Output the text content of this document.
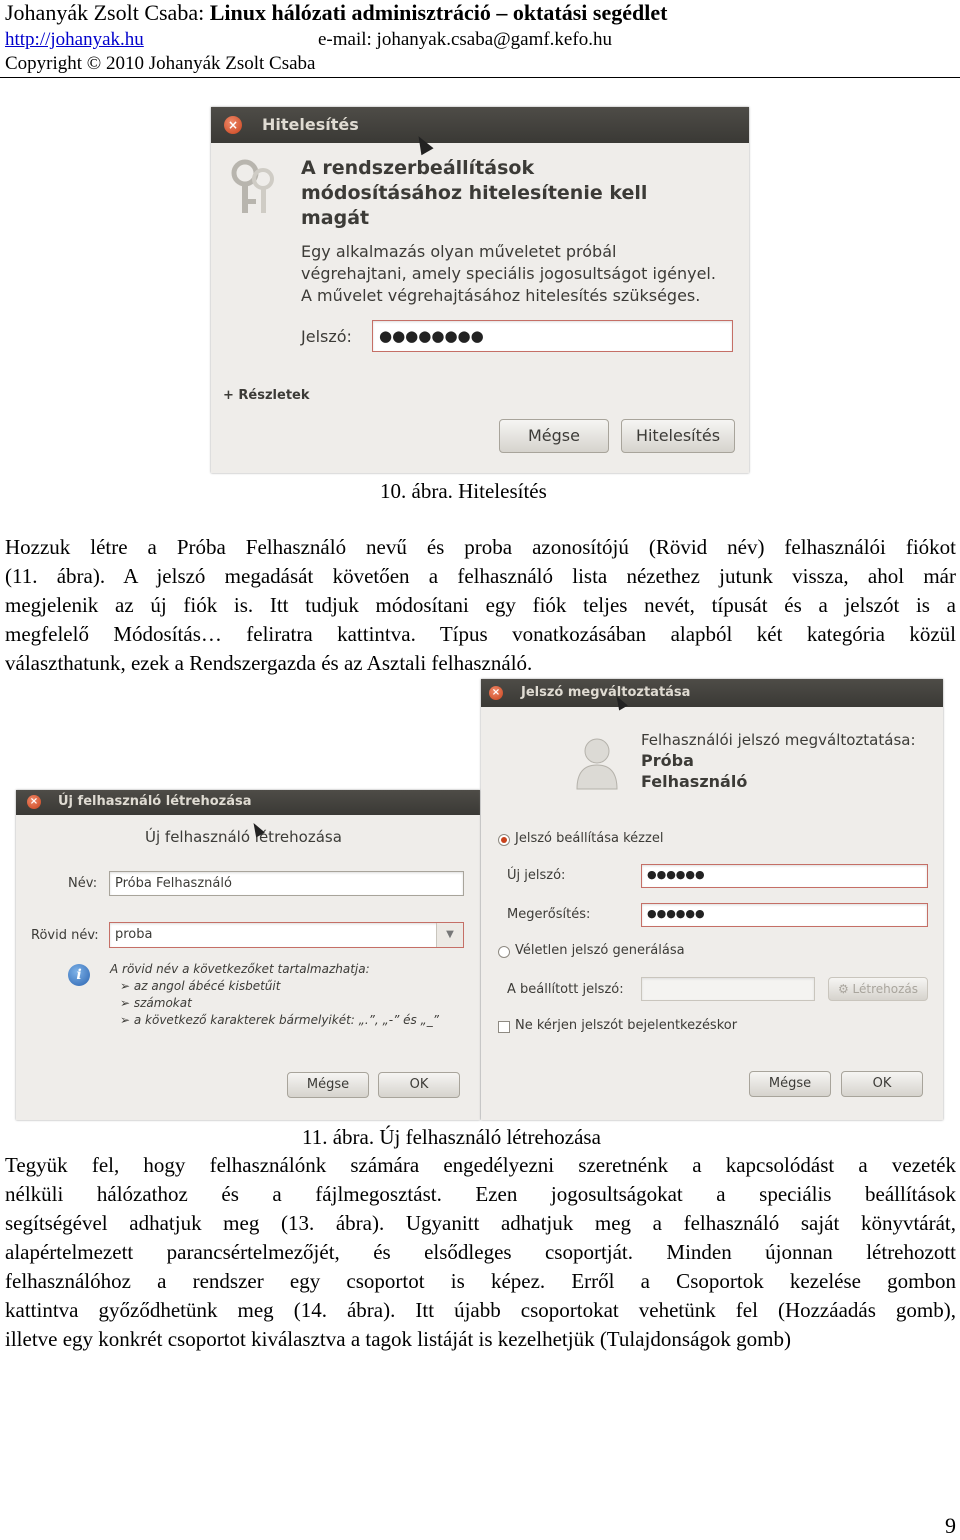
Johanyák Zsolt Csaba: Linux hálózati adminisztráció – oktatási segédlet
http://johanyak.hu	e-mail: johanyak.csaba@gamf.kefo.hu
Copyright © 2010 Johanyák Zsolt Csaba
× Hitelesítés
A rendszerbeállítások
módosításához hitelesítenie kell
magát
Egy alkalmazás olyan műveletet próbál
végrehajtani, amely speciális jogosultságot igényel.
A művelet végrehajtásához hitelesítés szükséges.
Jelszó: ●●●●●●●●
+ Részletek
Mégse	Hitelesítés
10. ábra. Hitelesítés
Hozzuk létre a Próba Felhasználó nevű és proba azonosítójú (Rövid név) felhasználói fiókot
(11. ábra). A jelszó megadását követően a felhasználó lista nézethez jutunk vissza, ahol már
megjelenik az új fiók is. Itt tudjuk módosítani egy fiók teljes nevét, típusát és a jelszót is a
megfelelő Módosítás… feliratra kattintva. Típus vonatkozásában alapból két kategória közül
választhatunk, ezek a Rendszergazda és az Asztali felhasználó.
× Új felhasználó létrehozása
Új felhasználó létrehozása
Név: Próba Felhasználó
Rövid név: proba	▼
i	A rövid név a következőket tartalmazhatja:
➢ az angol ábécé kisbetűit
➢ számokat
➢ a következő karakterek bármelyikét: „.”, „-” és „_”
Mégse	OK
× Jelszó megváltoztatása
Felhasználói jelszó megváltoztatása:
Próba
Felhasználó
Jelszó beállítása kézzel
Új jelszó:	●●●●●●
Megerősítés:	●●●●●●
Véletlen jelszó generálása
A beállított jelszó:	⚙ Létrehozás
Ne kérjen jelszót bejelentkezéskor
Mégse	OK
11. ábra. Új felhasználó létrehozása
Tegyük fel, hogy felhasználónk számára engedélyezni szeretnénk a kapcsolódást a vezeték
nélküli hálózathoz és a fájlmegosztást. Ezen jogosultságokat a speciális beállítások
segítségével adhatjuk meg (13. ábra). Ugyanitt adhatjuk meg a felhasználó saját könyvtárát,
alapértelmezett parancsértelmezőjét, és elsődleges csoportját. Minden újonnan létrehozott
felhasználóhoz a rendszer egy csoportot is képez. Erről a Csoportok kezelése gombon
kattintva győződhetünk meg (14. ábra). Itt újabb csoportokat vehetünk fel (Hozzáadás gomb),
illetve egy konkrét csoportot kiválasztva a tagok listáját is kezelhetjük (Tulajdonságok gomb)
9
